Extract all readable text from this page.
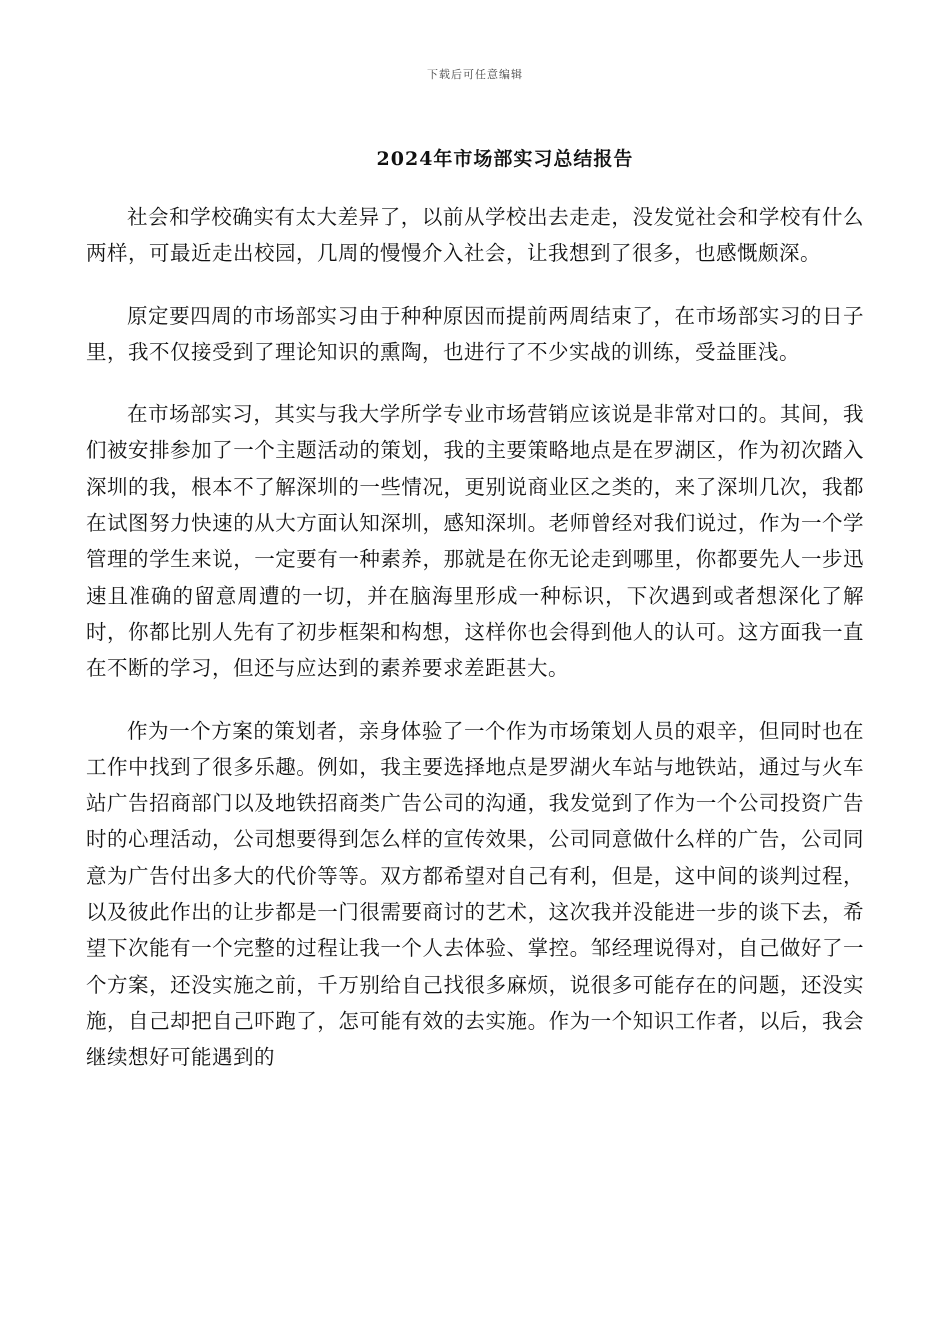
下载后可任意编辑
2024年市场部实习总结报告

社会和学校确实有太大差异了，以前从学校出去走走，没发觉社会和学校有什么两样，可最近走出校园，几周的慢慢介入社会，让我想到了很多，也感慨颇深。

原定要四周的市场部实习由于种种原因而提前两周结束了，在市场部实习的日子里，我不仅接受到了理论知识的熏陶，也进行了不少实战的训练，受益匪浅。

在市场部实习，其实与我大学所学专业市场营销应该说是非常对口的。其间，我们被安排参加了一个主题活动的策划，我的主要策略地点是在罗湖区，作为初次踏入深圳的我，根本不了解深圳的一些情况，更别说商业区之类的，来了深圳几次，我都在试图努力快速的从大方面认知深圳，感知深圳。老师曾经对我们说过，作为一个学管理的学生来说，一定要有一种素养，那就是在你无论走到哪里，你都要先人一步迅速且准确的留意周遭的一切，并在脑海里形成一种标识，下次遇到或者想深化了解时，你都比别人先有了初步框架和构想，这样你也会得到他人的认可。这方面我一直在不断的学习，但还与应达到的素养要求差距甚大。

作为一个方案的策划者，亲身体验了一个作为市场策划人员的艰辛，但同时也在工作中找到了很多乐趣。例如，我主要选择地点是罗湖火车站与地铁站，通过与火车站广告招商部门以及地铁招商类广告公司的沟通，我发觉到了作为一个公司投资广告时的心理活动，公司想要得到怎么样的宣传效果，公司同意做什么样的广告，公司同意为广告付出多大的代价等等。双方都希望对自己有利，但是，这中间的谈判过程，以及彼此作出的让步都是一门很需要商讨的艺术，这次我并没能进一步的谈下去，希望下次能有一个完整的过程让我一个人去体验、掌控。邹经理说得对，自己做好了一个方案，还没实施之前，千万别给自己找很多麻烦，说很多可能存在的问题，还没实施，自己却把自己吓跑了，怎可能有效的去实施。作为一个知识工作者，以后，我会继续想好可能遇到的
